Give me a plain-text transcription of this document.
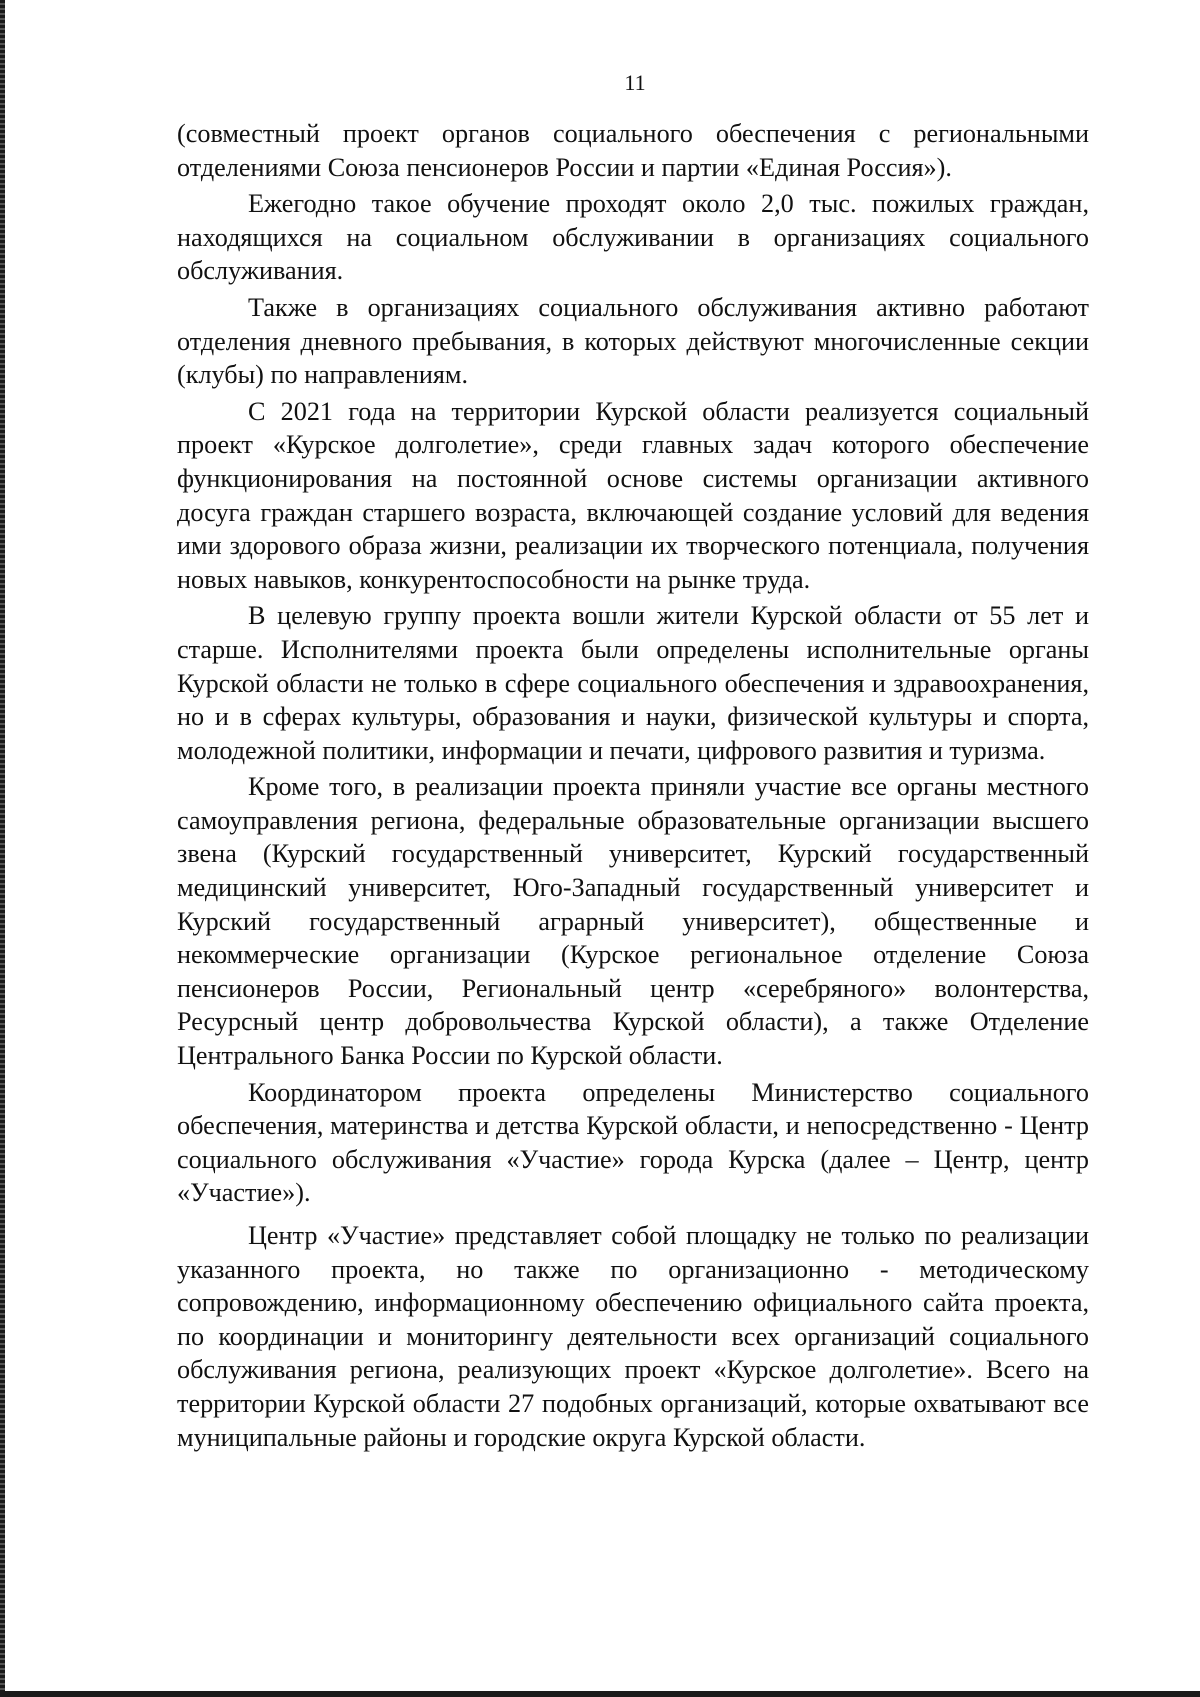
11

(совместный проект органов социального обеспечения с региональными отделениями Союза пенсионеров России и партии «Единая Россия»).

Ежегодно такое обучение проходят около 2,0 тыс. пожилых граждан, находящихся на социальном обслуживании в организациях социального обслуживания.

Также в организациях социального обслуживания активно работают отделения дневного пребывания, в которых действуют многочисленные секции (клубы) по направлениям.

С 2021 года на территории Курской области реализуется социальный проект «Курское долголетие», среди главных задач которого обеспечение функционирования на постоянной основе системы организации активного досуга граждан старшего возраста, включающей создание условий для ведения ими здорового образа жизни, реализации их творческого потенциала, получения новых навыков, конкурентоспособности на рынке труда.

В целевую группу проекта вошли жители Курской области от 55 лет и старше. Исполнителями проекта были определены исполнительные органы Курской области не только в сфере социального обеспечения и здравоохранения, но и в сферах культуры, образования и науки, физической культуры и спорта, молодежной политики, информации и печати, цифрового развития и туризма.

Кроме того, в реализации проекта приняли участие все органы местного самоуправления региона, федеральные образовательные организации высшего звена (Курский государственный университет, Курский государственный медицинский университет, Юго-Западный государственный университет и Курский государственный аграрный университет), общественные и некоммерческие организации (Курское региональное отделение Союза пенсионеров России, Региональный центр «серебряного» волонтерства, Ресурсный центр добровольчества Курской области), а также Отделение Центрального Банка России по Курской области.

Координатором проекта определены Министерство социального обеспечения, материнства и детства Курской области, и непосредственно - Центр социального обслуживания «Участие» города Курска (далее – Центр, центр «Участие»).

Центр «Участие» представляет собой площадку не только по реализации указанного проекта, но также по организационно - методическому сопровождению, информационному обеспечению официального сайта проекта, по координации и мониторингу деятельности всех организаций социального обслуживания региона, реализующих проект «Курское долголетие». Всего на территории Курской области 27 подобных организаций, которые охватывают все муниципальные районы и городские округа Курской области.
